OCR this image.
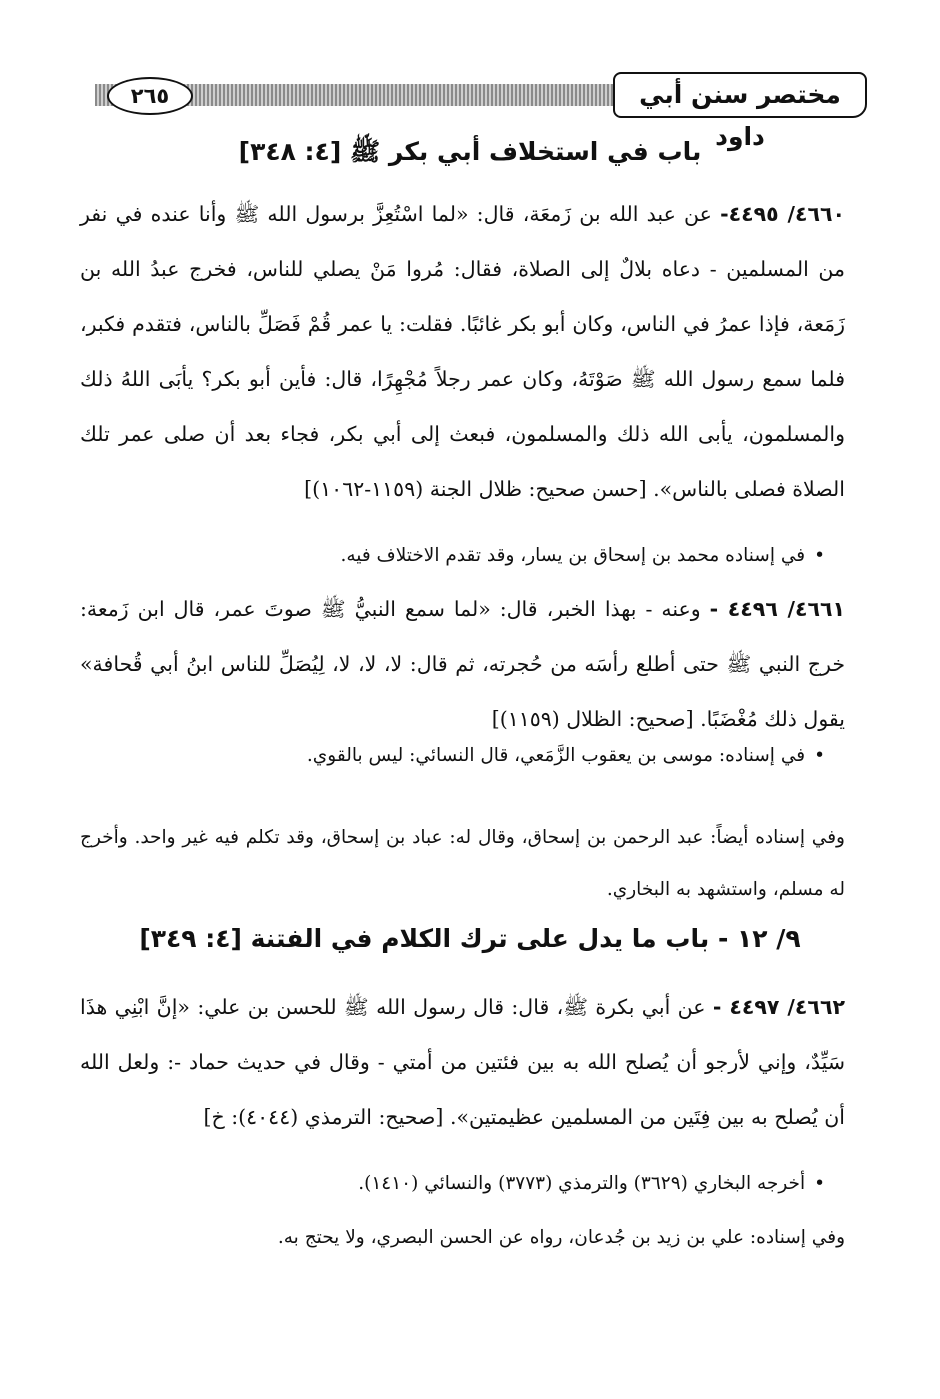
مختصر سنن أبي داود
٢٦٥
باب في استخلاف أبي بكر ﷺ [٤: ٣٤٨]
٤٦٦٠/ ٤٤٩٥- عن عبد الله بن زَمعَة، قال: «لما اسْتُعِزَّ برسول الله ﷺ وأنا عنده في نفر من المسلمين - دعاه بلالٌ إلى الصلاة، فقال: مُروا مَنْ يصلي للناس، فخرج عبدُ الله بن زَمَعة، فإذا عمرُ في الناس، وكان أبو بكر غائبًا. فقلت: يا عمر قُمْ فَصَلِّ بالناس، فتقدم فكبر، فلما سمع رسول الله ﷺ صَوْتَهُ، وكان عمر رجلاً مُجْهِرًا، قال: فأين أبو بكر؟ يأبَى اللهُ ذلك والمسلمون، يأبى الله ذلك والمسلمون، فبعث إلى أبي بكر، فجاء بعد أن صلى عمر تلك الصلاة فصلى بالناس». [حسن صحيح: ظلال الجنة (١١٥٩-١٠٦٢)]
• في إسناده محمد بن إسحاق بن يسار، وقد تقدم الاختلاف فيه.
٤٦٦١/ ٤٤٩٦ - وعنه - بهذا الخبر، قال: «لما سمع النبيُّ ﷺ صوتَ عمر، قال ابن زَمعة: خرج النبي ﷺ حتى أطلع رأسَه من حُجرته، ثم قال: لا، لا، لا، لِيُصَلِّ للناس ابنُ أبي قُحافة» يقول ذلك مُغْضَبًا. [صحيح: الظلال (١١٥٩)]
• في إسناده: موسى بن يعقوب الزَّمَعي، قال النسائي: ليس بالقوي.
وفي إسناده أيضاً: عبد الرحمن بن إسحاق، وقال له: عباد بن إسحاق، وقد تكلم فيه غير واحد. وأخرج له مسلم، واستشهد به البخاري.
٩/ ١٢ - باب ما يدل على ترك الكلام في الفتنة [٤: ٣٤٩]
٤٦٦٢/ ٤٤٩٧ - عن أبي بكرة ﷺ، قال: قال رسول الله ﷺ للحسن بن علي: «إنَّ ابْنِي هذَا سَيِّدٌ، وإني لأرجو أن يُصلح الله به بين فئتين من أمتي - وقال في حديث حماد -: ولعل الله أن يُصلح به بين فِتَين من المسلمين عظيمتين». [صحيح: الترمذي (٤٠٤٤): خ]
• أخرجه البخاري (٣٦٢٩) والترمذي (٣٧٧٣) والنسائي (١٤١٠).
وفي إسناده: علي بن زيد بن جُدعان، رواه عن الحسن البصري، ولا يحتج به.
